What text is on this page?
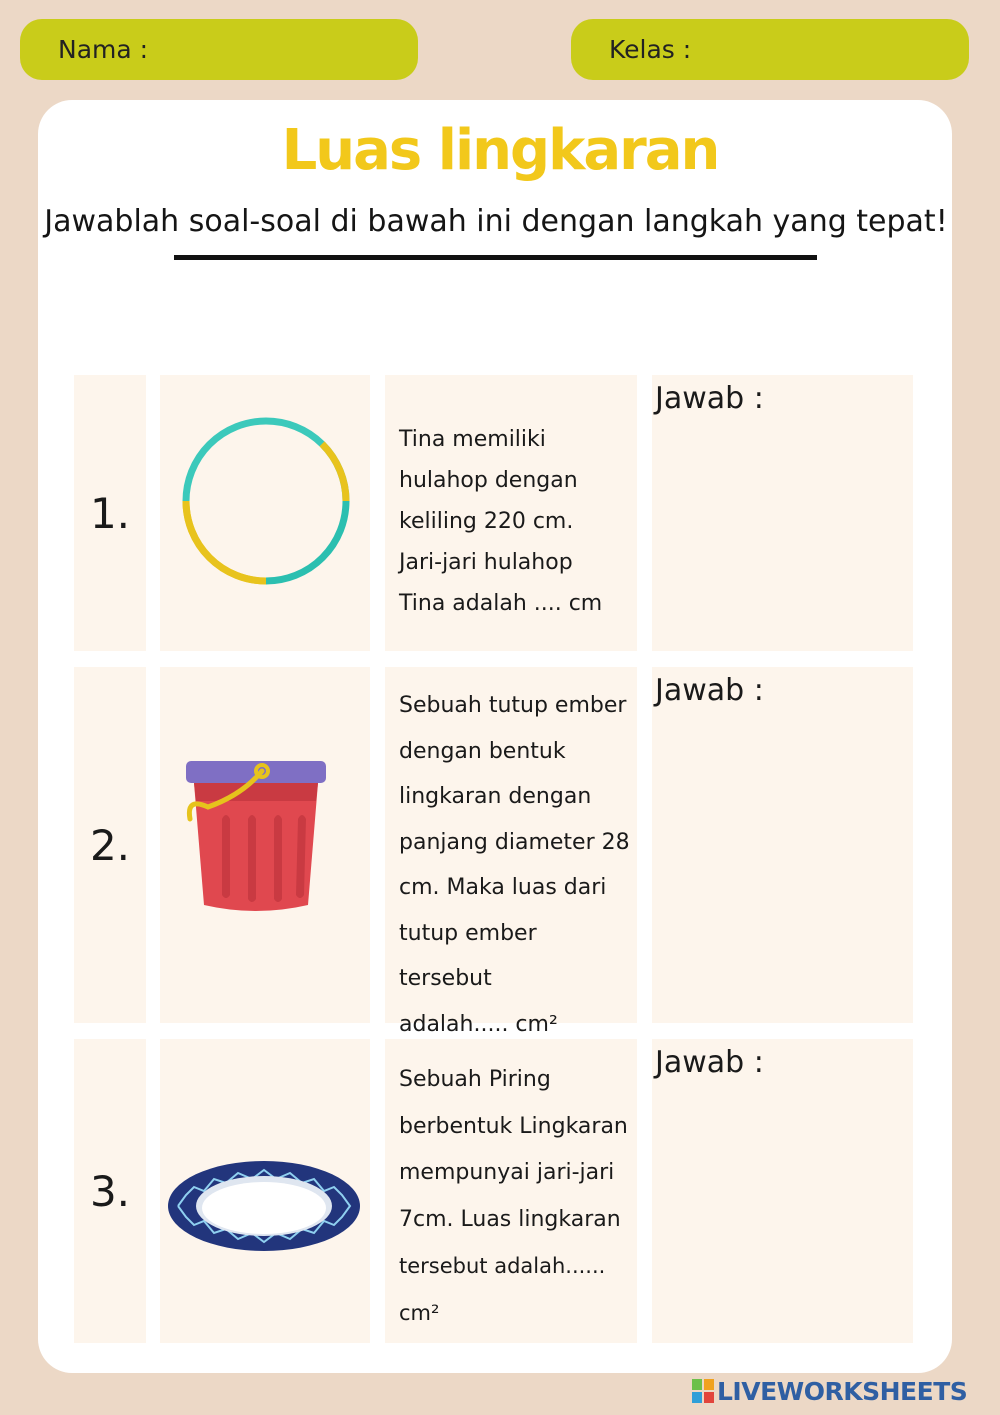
Nama :	Kelas :
Luas lingkaran
Jawablah soal-soal di bawah ini dengan langkah yang tepat!
1.

Tina memiliki

hulahop dengan

keliling 220 cm.

Jari-jari hulahop

Tina adalah .... cm

Jawab :
2.

Sebuah tutup ember

dengan bentuk

lingkaran dengan

panjang diameter 28

cm. Maka luas dari

tutup ember tersebut

adalah..... cm²

Jawab :
3.

Sebuah Piring

berbentuk Lingkaran

mempunyai jari-jari

7cm. Luas lingkaran

tersebut adalah...... cm²

Jawab :
LIVEWORKSHEETS
